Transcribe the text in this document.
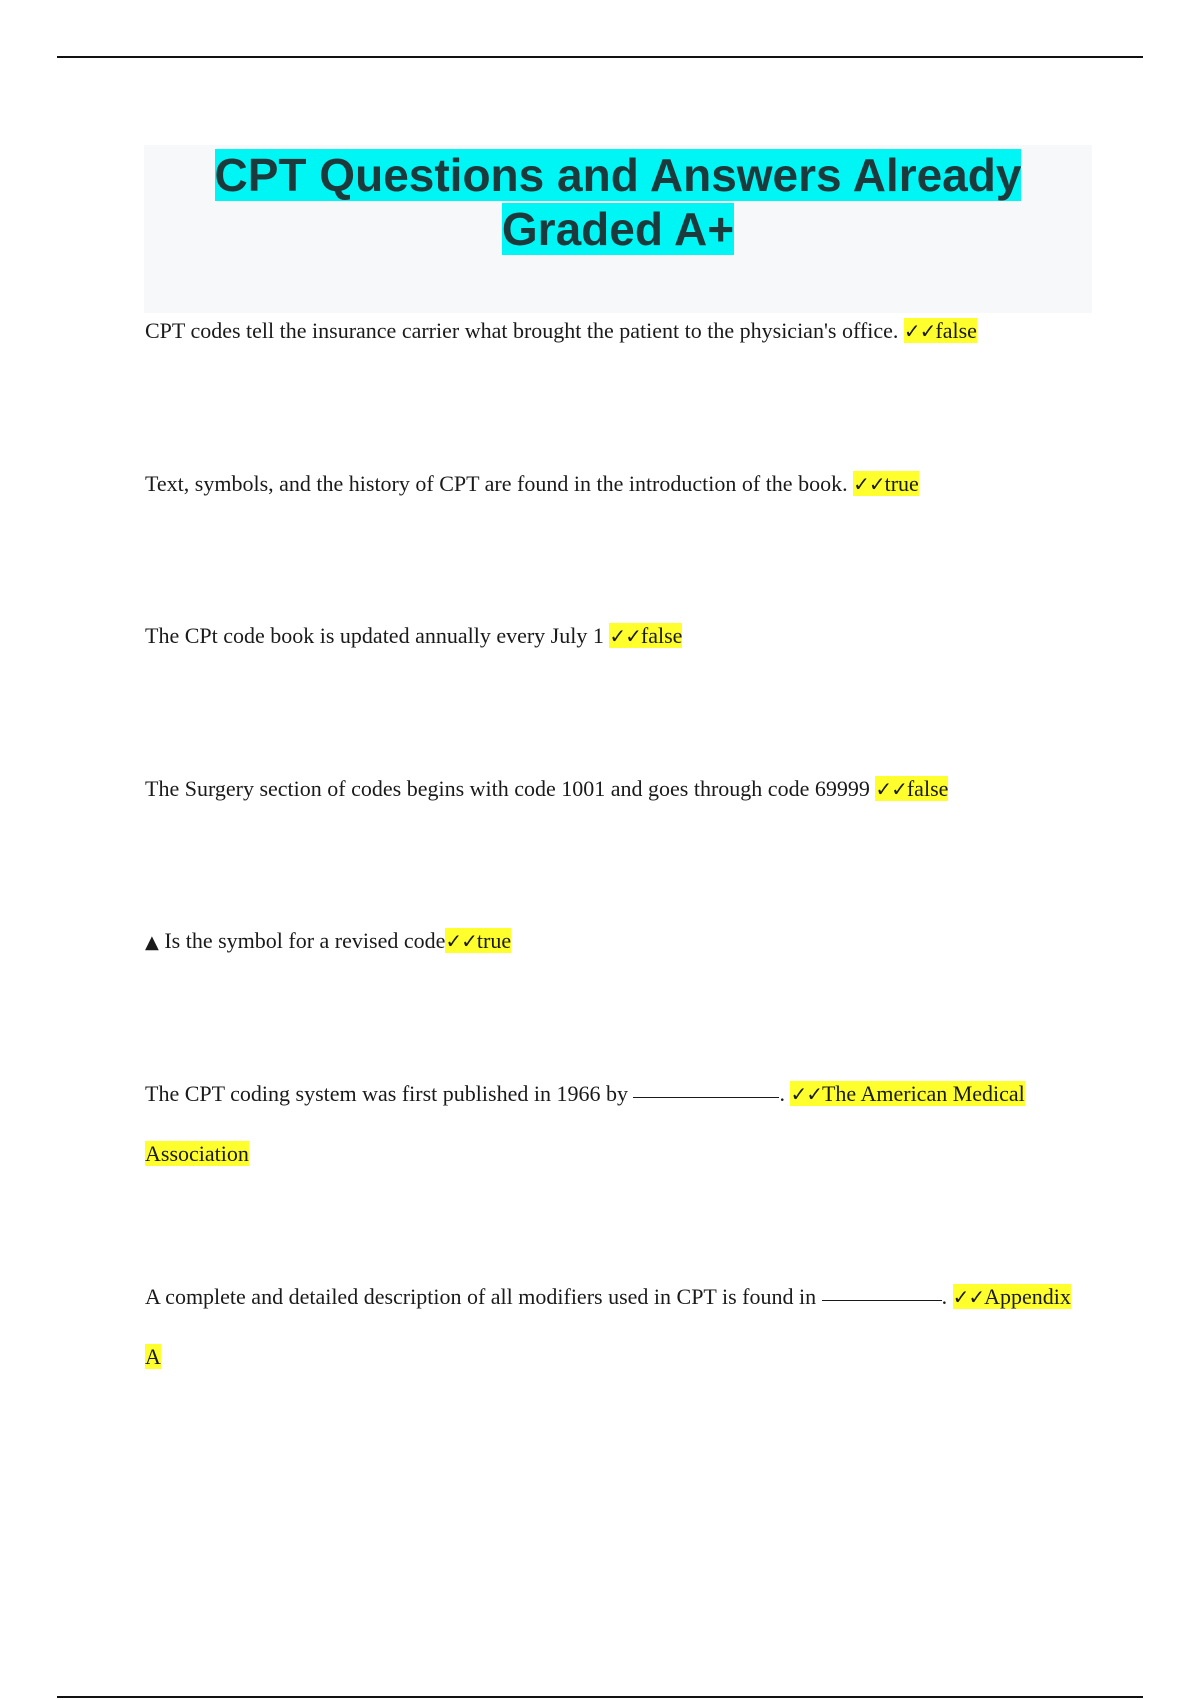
CPT Questions and Answers Already Graded A+

CPT codes tell the insurance carrier what brought the patient to the physician's office. ✓✓false

Text, symbols, and the history of CPT are found in the introduction of the book. ✓✓true

The CPt code book is updated annually every July 1 ✓✓false

The Surgery section of codes begins with code 1001 and goes through code 69999 ✓✓false

▲ Is the symbol for a revised code✓✓true

The CPT coding system was first published in 1966 by	. ✓✓The American Medical Association

A complete and detailed description of all modifiers used in CPT is found in	. ✓✓Appendix A
